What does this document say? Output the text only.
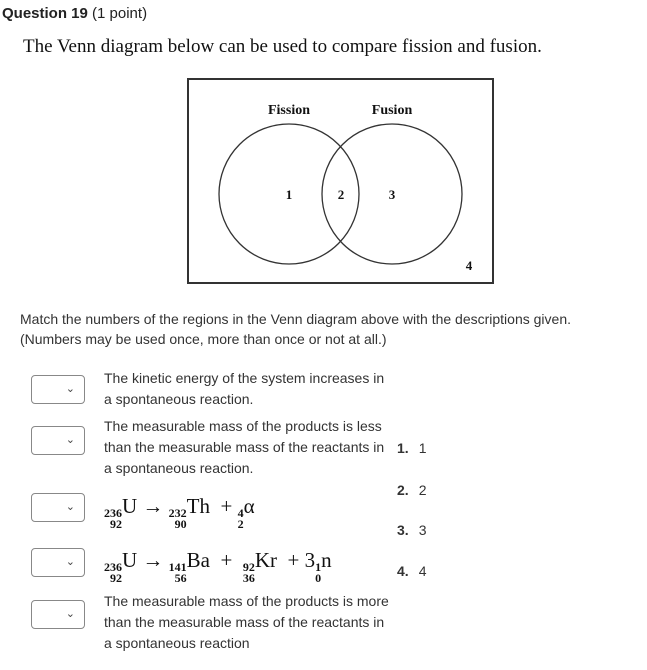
Question 19 (1 point)
The Venn diagram below can be used to compare fission and fusion.
Fission	Fusion
1	2	3
4
Match the numbers of the regions in the Venn diagram above with the descriptions given. (Numbers may be used once, more than once or not at all.)
⌄
The kinetic energy of the system increases in a spontaneous reaction.
⌄
The measurable mass of the products is less than the measurable mass of the reactants in a spontaneous reaction.
⌄ 236
92
U → 232
90
Th + 4
2
α
⌄ 236
92
U → 141
56
Ba + 92
36
Kr + 3 1
0
n
⌄
The measurable mass of the products is more than the measurable mass of the reactants in a spontaneous reaction
1. 1
2. 2
3. 3
4. 4
